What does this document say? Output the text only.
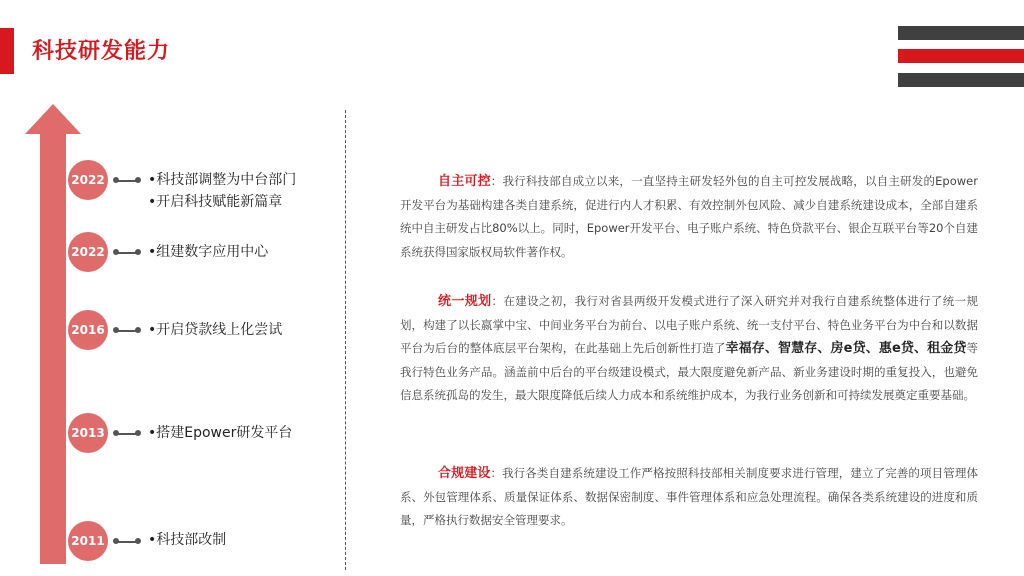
科技研发能力
2022	•科技部调整为中台部门
•开启科技赋能新篇章
2022	•组建数字应用中心
2016	•开启贷款线上化尝试
2013	•搭建Epower研发平台
2011	•科技部改制
自主可控：我行科技部自成立以来，一直坚持主研发轻外包的自主可控发展战略，以自主研发的Epower开发平台为基础构建各类自建系统，促进行内人才积累、有效控制外包风险、减少自建系统建设成本，全部自建系统中自主研发占比80%以上。同时，Epower开发平台、电子账户系统、特色贷款平台、银企互联平台等20个自建系统获得国家版权局软件著作权。
统一规划：在建设之初，我行对省县两级开发模式进行了深入研究并对我行自建系统整体进行了统一规划，构建了以长嬴掌中宝、中间业务平台为前台、以电子账户系统、统一支付平台、特色业务平台为中台和以数据平台为后台的整体底层平台架构，在此基础上先后创新性打造了幸福存、智慧存、房e贷、惠e贷、租金贷等我行特色业务产品。涵盖前中后台的平台级建设模式，最大限度避免新产品、新业务建设时期的重复投入，也避免信息系统孤岛的发生，最大限度降低后续人力成本和系统维护成本，为我行业务创新和可持续发展奠定重要基础。
合规建设：我行各类自建系统建设工作严格按照科技部相关制度要求进行管理，建立了完善的项目管理体系、外包管理体系、质量保证体系、数据保密制度、事件管理体系和应急处理流程。确保各类系统建设的进度和质量，严格执行数据安全管理要求。
